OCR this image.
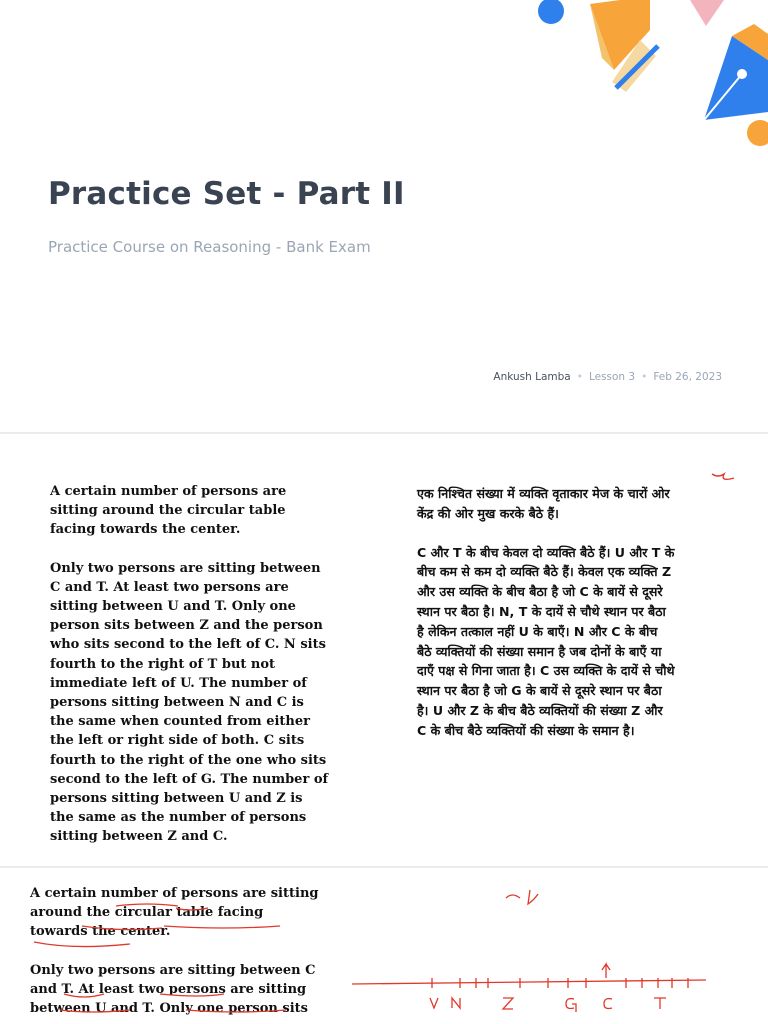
Practice Set - Part II
Practice Course on Reasoning - Bank Exam
Ankush Lamba • Lesson 3 • Feb 26, 2023

A certain number of persons are sitting around the circular table facing towards the center.

Only two persons are sitting between C and T. At least two persons are sitting between U and T. Only one person sits between Z and the person who sits second to the left of C. N sits fourth to the right of T but not immediate left of U. The number of persons sitting between N and C is the same when counted from either the left or right side of both. C sits fourth to the right of the one who sits second to the left of G. The number of persons sitting between U and Z is the same as the number of persons sitting between Z and C.

एक निश्चित संख्या में व्यक्ति वृताकार मेज के चारों ओर केंद्र की ओर मुख करके बैठे हैं।

C और T के बीच केवल दो व्यक्ति बैठे हैं। U और T के बीच कम से कम दो व्यक्ति बैठे हैं। केवल एक व्यक्ति Z और उस व्यक्ति के बीच बैठा है जो C के बायें से दूसरे स्थान पर बैठा है। N, T के दायें से चौथे स्थान पर बैठा है लेकिन तत्काल नहीं U के बाएँ। N और C के बीच बैठे व्यक्तियों की संख्या समान है जब दोनों के बाएँ या दाएँ पक्ष से गिना जाता है। C उस व्यक्ति के दायें से चौथे स्थान पर बैठा है जो G के बायें से दूसरे स्थान पर बैठा है। U और Z के बीच बैठे व्यक्तियों की संख्या Z और C के बीच बैठे व्यक्तियों की संख्या के समान है।

A certain number of persons are sitting around the circular table facing towards the center.

Only two persons are sitting between C and T. At least two persons are sitting between U and T. Only one person sits
